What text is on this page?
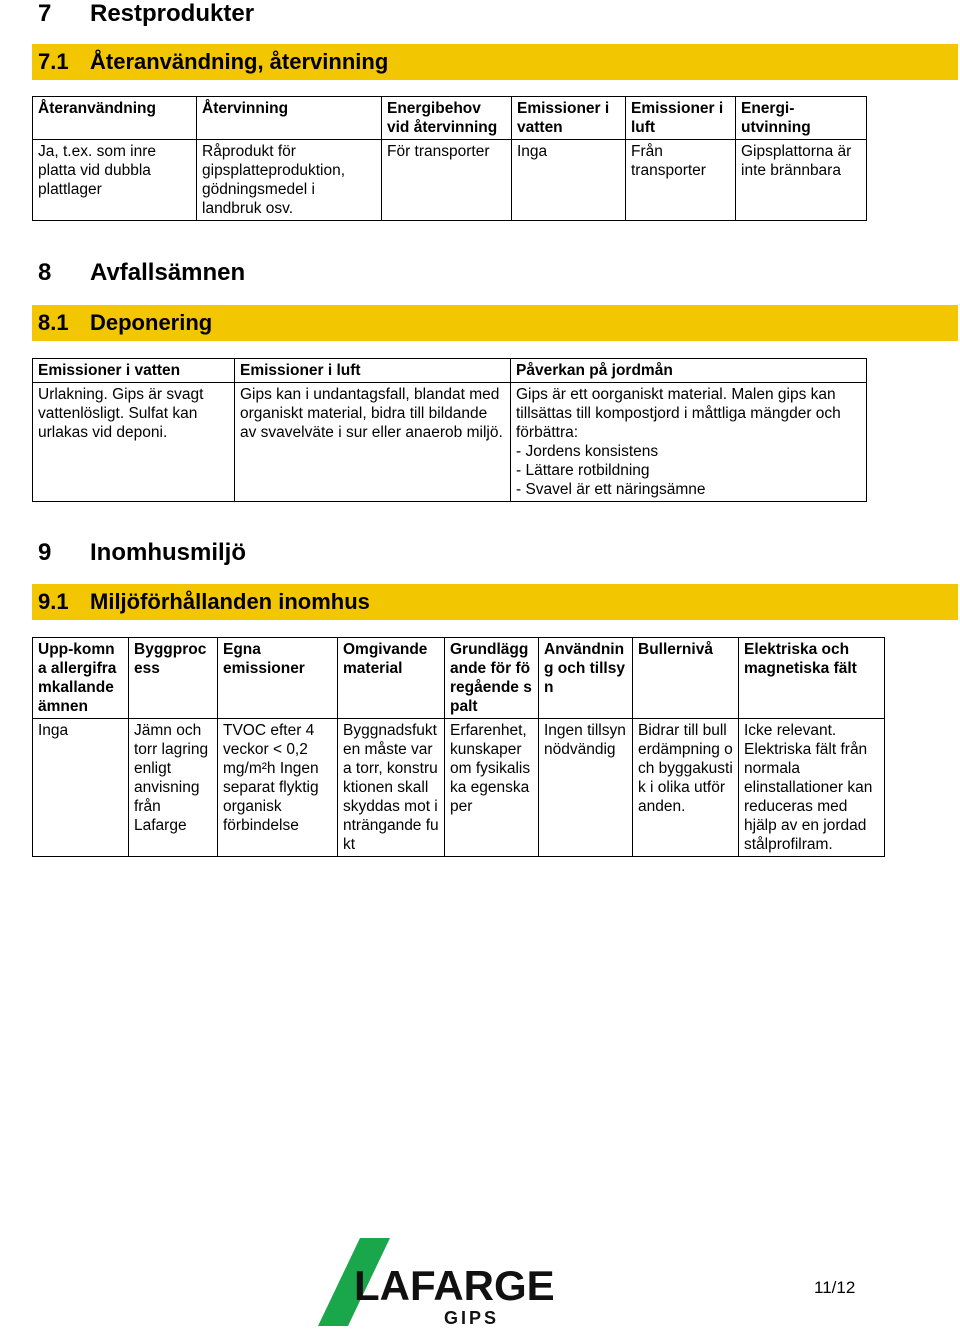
7 Restprodukter
7.1 Återanvändning, återvinning
Återanvändning	Återvinning	Energibehov vid återvinning	Emissioner i vatten	Emissioner i luft	Energi-utvinning
Ja, t.ex. som inre platta vid dubbla plattlager	Råprodukt för gipsplatteproduktion, gödningsmedel i landbruk osv.	För transporter	Inga	Från transporter	Gipsplattorna är inte brännbara
8 Avfallsämnen
8.1 Deponering
Emissioner i vatten	Emissioner i luft	Påverkan på jordmån
Urlakning. Gips är svagt vattenlösligt. Sulfat kan urlakas vid deponi.	Gips kan i undantagsfall, blandat med organiskt material, bidra till bildande av svavelväte i sur eller anaerob miljö.	Gips är ett oorganiskt material. Malen gips kan tillsättas till kompostjord i måttliga mängder och förbättra:
- Jordens konsistens
- Lättare rotbildning
- Svavel är ett näringsämne
9 Inomhusmiljö
9.1 Miljöförhållanden inomhus
Upp-komna allergiframkallande ämnen	Byggprocess	Egna emissioner	Omgivande material	Grundläggande för föregående spalt	Användning och tillsyn	Bullernivå	Elektriska och magnetiska fält
Inga	Jämn och torr lagring enligt anvisning från Lafarge	TVOC efter 4 veckor < 0,2 mg/m²h Ingen separat flyktig organisk förbindelse	Byggnadsfukten måste vara torr, konstruktionen skall skyddas mot inträngande fukt	Erfarenhet, kunskaper om fysikaliska egenskaper	Ingen tillsyn nödvändig	Bidrar till bullerdämpning och byggakustik i olika utföranden.	Icke relevant. Elektriska fält från normala elinstallationer kan reduceras med hjälp av en jordad stålprofilram.
LAFARGE
GIPS
11/12
